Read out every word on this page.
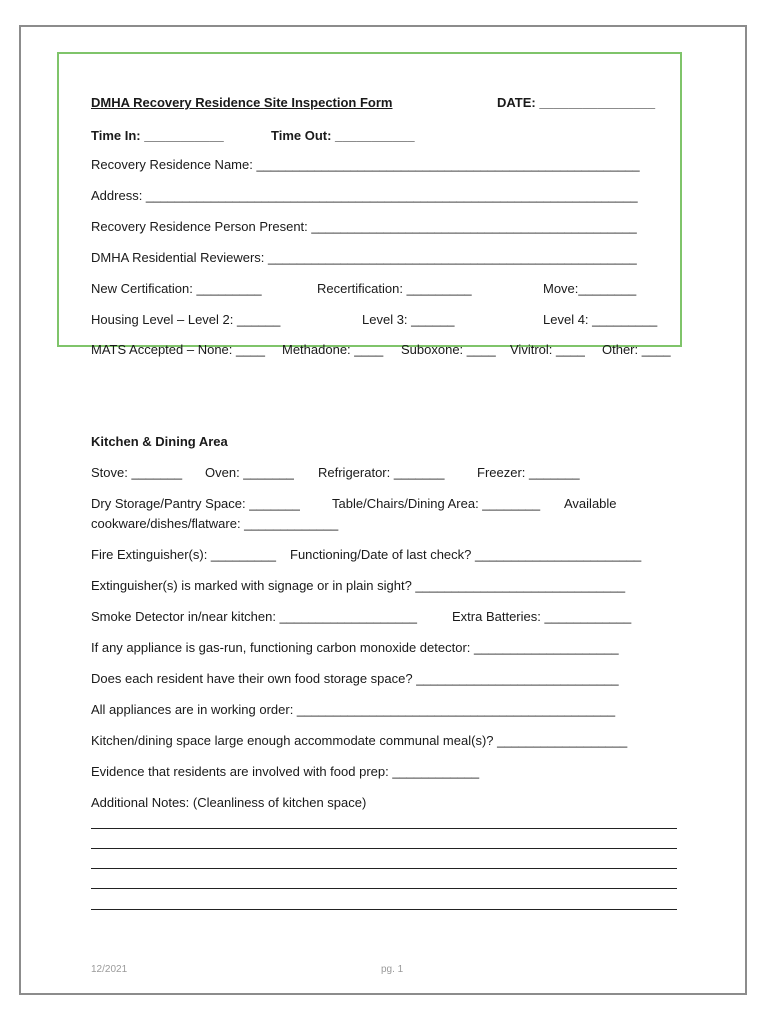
DMHA Recovery Residence Site Inspection Form	DATE: ________________
Time In: ___________	Time Out: ___________
Recovery Residence Name: _____________________________________________________
Address: ____________________________________________________________________
Recovery Residence Person Present: _____________________________________________
DMHA Residential Reviewers: ___________________________________________________
New Certification: _________	Recertification: _________	Move:________
Housing Level – Level 2: ______	Level 3: ______	Level 4: _________
MATS Accepted – None: ____ Methadone: ____ Suboxone: ____ Vivitrol: ____ Other: ____
Kitchen & Dining Area
Stove: _______ Oven: _______ Refrigerator: _______	Freezer: _______
Dry Storage/Pantry Space: _______ Table/Chairs/Dining Area: ________ Available
cookware/dishes/flatware: _____________
Fire Extinguisher(s): _________ Functioning/Date of last check? _______________________
Extinguisher(s) is marked with signage or in plain sight? _____________________________
Smoke Detector in/near kitchen: ___________________	Extra Batteries: ____________
If any appliance is gas-run, functioning carbon monoxide detector: ____________________
Does each resident have their own food storage space? ____________________________
All appliances are in working order: ____________________________________________
Kitchen/dining space large enough accommodate communal meal(s)? __________________
Evidence that residents are involved with food prep: ____________
Additional Notes: (Cleanliness of kitchen space)
12/2021	pg. 1
